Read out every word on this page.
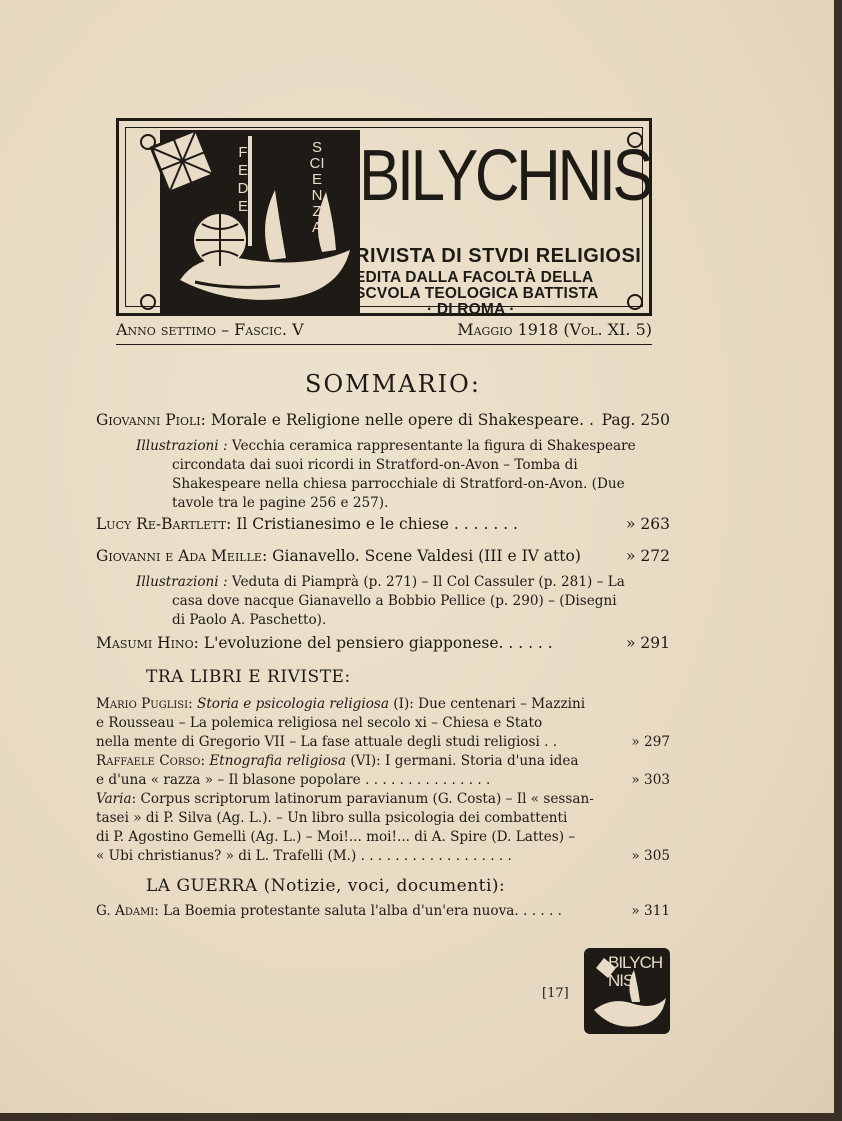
FEDE
SCIENZA
BILYCHNIS
RIVISTA DI STVDI RELIGIOSI
EDITA DALLA FACOLTÀ DELLA
SCVOLA TEOLOGICA BATTISTA
· DI ROMA ·
Anno settimo – Fascic. V	Maggio 1918 (Vol. XI. 5)
SOMMARIO:
Giovanni Pioli: Morale e Religione nelle opere di Shakespeare. . Pag. 250
Illustrazioni : Vecchia ceramica rappresentante la figura di Shakespeare
circondata dai suoi ricordi in Stratford-on-Avon – Tomba di
Shakespeare nella chiesa parrocchiale di Stratford-on-Avon. (Due
tavole tra le pagine 256 e 257).
Lucy Re-Bartlett: Il Cristianesimo e le chiese . . . . . . .	» 263
Giovanni e Ada Meille: Gianavello. Scene Valdesi (III e IV atto)	» 272
Illustrazioni : Veduta di Piamprà (p. 271) – Il Col Cassuler (p. 281) – La
casa dove nacque Gianavello a Bobbio Pellice (p. 290) – (Disegni
di Paolo A. Paschetto).
Masumi Hino: L'evoluzione del pensiero giapponese. . . . . .	» 291
TRA LIBRI E RIVISTE:
Mario Puglisi: Storia e psicologia religiosa (I): Due centenari – Mazzini
e Rousseau – La polemica religiosa nel secolo xi – Chiesa e Stato
nella mente di Gregorio VII – La fase attuale degli studi religiosi . .	» 297
Raffaele Corso: Etnografia religiosa (VI): I germani. Storia d'una idea
e d'una « razza » – Il blasone popolare . . . . . . . . . . . . . . .	» 303
Varia: Corpus scriptorum latinorum paravianum (G. Costa) – Il « sessan-
tasei » di P. Silva (Ag. L.). – Un libro sulla psicologia dei combattenti
di P. Agostino Gemelli (Ag. L.) – Moi!... moi!... di A. Spire (D. Lattes) –
« Ubi christianus? » di L. Trafelli (M.) . . . . . . . . . . . . . . . . . .	» 305
LA GUERRA (Notizie, voci, documenti):
G. Adami: La Boemia protestante saluta l'alba d'un'era nuova. . . . . .	» 311
[17]
BILYCHNIS
